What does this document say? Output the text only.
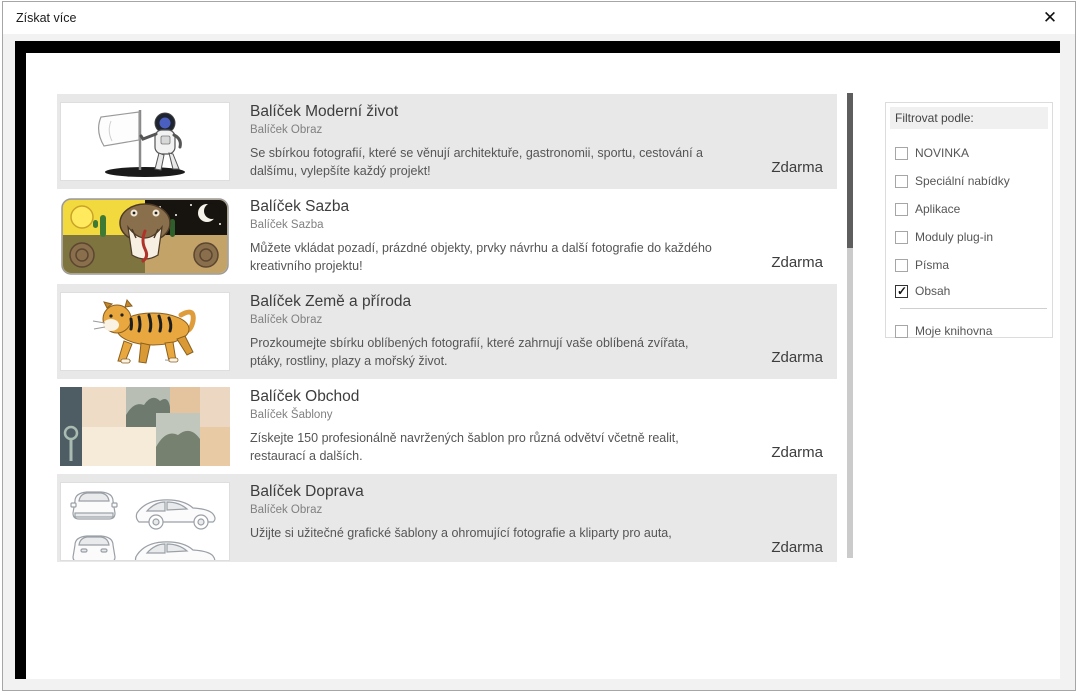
Získat více	✕
Balíček Moderní život
Balíček Obraz
Se sbírkou fotografií, které se věnují architektuře, gastronomii, sportu, cestování a dalšímu, vylepšíte každý projekt!	Zdarma
Balíček Sazba
Balíček Sazba
Můžete vkládat pozadí, prázdné objekty, prvky návrhu a další fotografie do každého kreativního projektu!	Zdarma
Balíček Země a příroda
Balíček Obraz
Prozkoumejte sbírku oblíbených fotografií, které zahrnují vaše oblíbená zvířata, ptáky, rostliny, plazy a mořský život.	Zdarma
Balíček Obchod
Balíček Šablony
Získejte 150 profesionálně navržených šablon pro různá odvětví včetně realit, restaurací a dalších.	Zdarma
Balíček Doprava
Balíček Obraz
Užijte si užitečné grafické šablony a ohromující fotografie a kliparty pro auta,
Zdarma
Filtrovat podle:
NOVINKA
Speciální nabídky
Aplikace
Moduly plug-in
Písma
✓
Obsah
Moje knihovna
